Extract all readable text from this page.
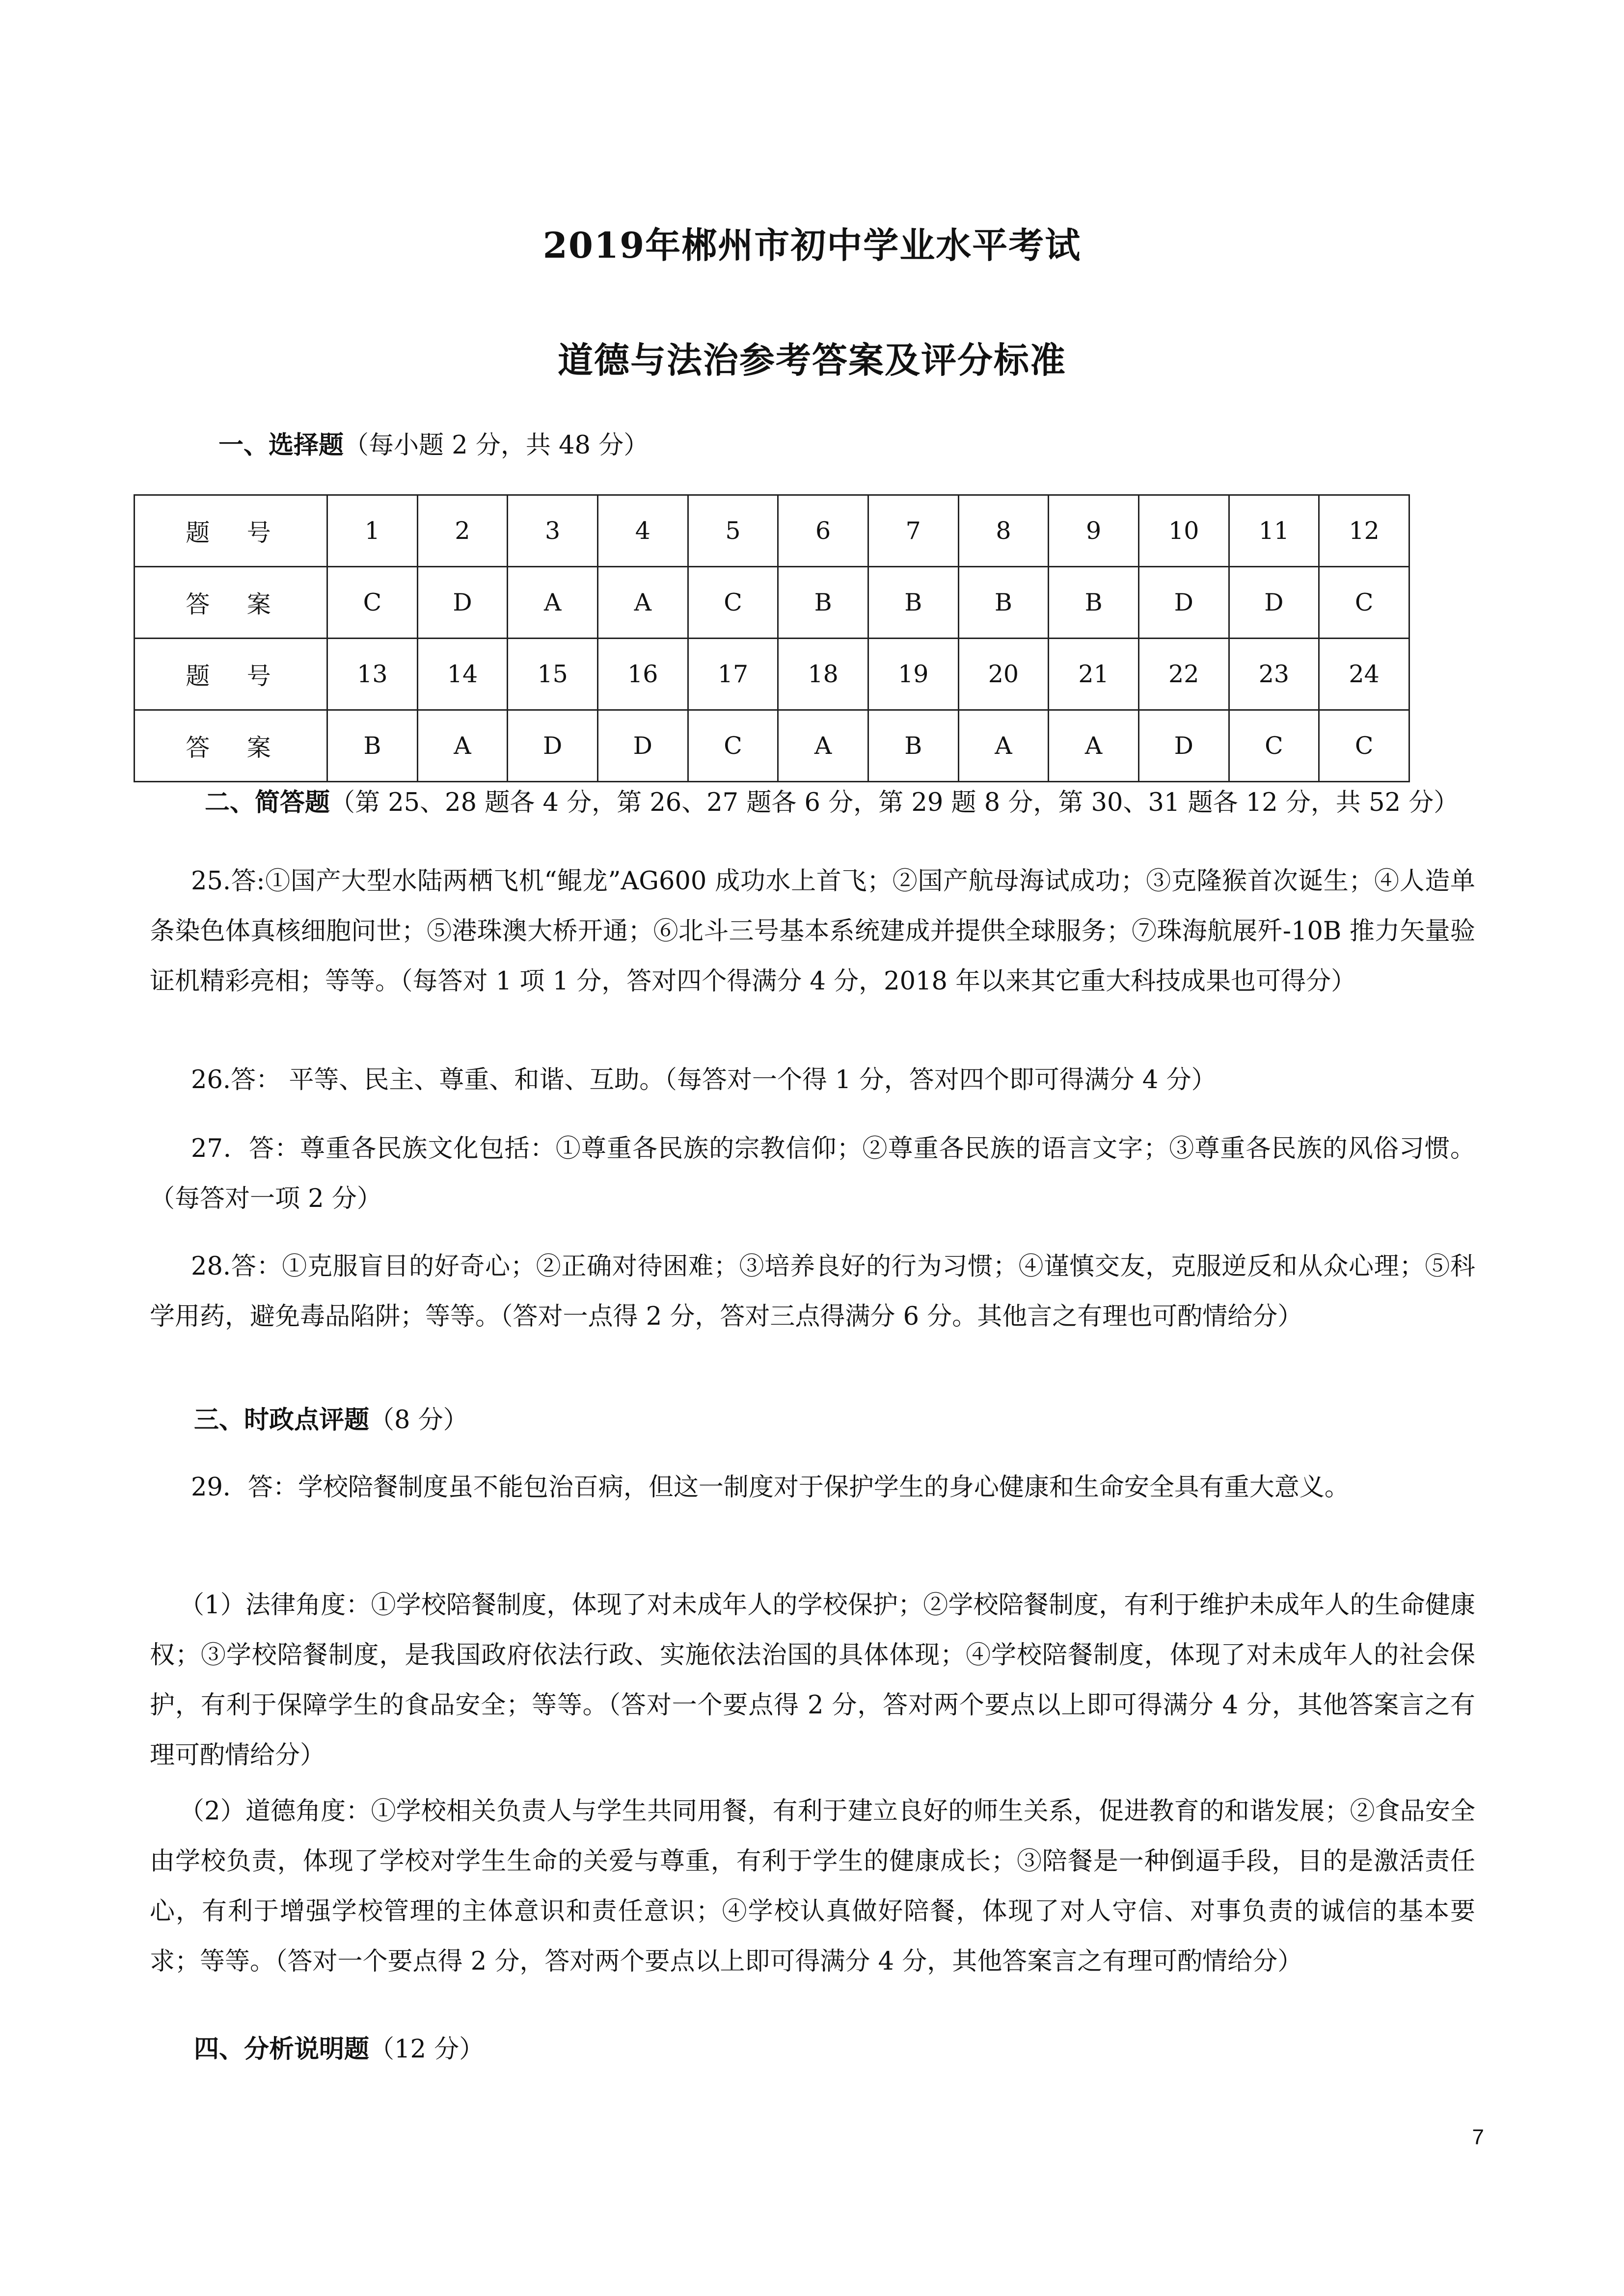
2019年郴州市初中学业水平考试
道德与法治参考答案及评分标准

一、选择题（每小题 2 分，共 48 分）

题 号	1	2	3	4	5	6	7	8	9	10	11	12
答 案	C	D	A	A	C	B	B	B	B	D	D	C
题 号	13	14	15	16	17	18	19	20	21	22	23	24
答 案	B	A	D	D	C	A	B	A	A	D	C	C

二、简答题（第 25、28 题各 4 分，第 26、27 题各 6 分，第 29 题 8 分，第 30、31 题各 12 分，共 52 分）

25.答:①国产大型水陆两栖飞机“鲲龙”AG600 成功水上首飞；②国产航母海试成功；③克隆猴首次诞生；④人造单条染色体真核细胞问世；⑤港珠澳大桥开通；⑥北斗三号基本系统建成并提供全球服务；⑦珠海航展歼-10B 推力矢量验证机精彩亮相；等等。（每答对 1 项 1 分，答对四个得满分 4 分，2018 年以来其它重大科技成果也可得分）

26.答： 平等、民主、尊重、和谐、互助。（每答对一个得 1 分，答对四个即可得满分 4 分）

27．答：尊重各民族文化包括：①尊重各民族的宗教信仰；②尊重各民族的语言文字；③尊重各民族的风俗习惯。（每答对一项 2 分）

28.答：①克服盲目的好奇心；②正确对待困难；③培养良好的行为习惯；④谨慎交友，克服逆反和从众心理；⑤科学用药，避免毒品陷阱；等等。（答对一点得 2 分，答对三点得满分 6 分。其他言之有理也可酌情给分）

三、时政点评题（8 分）

29．答：学校陪餐制度虽不能包治百病，但这一制度对于保护学生的身心健康和生命安全具有重大意义。

（1）法律角度：①学校陪餐制度，体现了对未成年人的学校保护；②学校陪餐制度，有利于维护未成年人的生命健康权；③学校陪餐制度，是我国政府依法行政、实施依法治国的具体体现；④学校陪餐制度，体现了对未成年人的社会保护，有利于保障学生的食品安全；等等。（答对一个要点得 2 分，答对两个要点以上即可得满分 4 分，其他答案言之有理可酌情给分）

（2）道德角度：①学校相关负责人与学生共同用餐，有利于建立良好的师生关系，促进教育的和谐发展；②食品安全由学校负责，体现了学校对学生生命的关爱与尊重，有利于学生的健康成长；③陪餐是一种倒逼手段，目的是激活责任心，有利于增强学校管理的主体意识和责任意识；④学校认真做好陪餐，体现了对人守信、对事负责的诚信的基本要求；等等。（答对一个要点得 2 分，答对两个要点以上即可得满分 4 分，其他答案言之有理可酌情给分）

四、分析说明题（12 分）

7
